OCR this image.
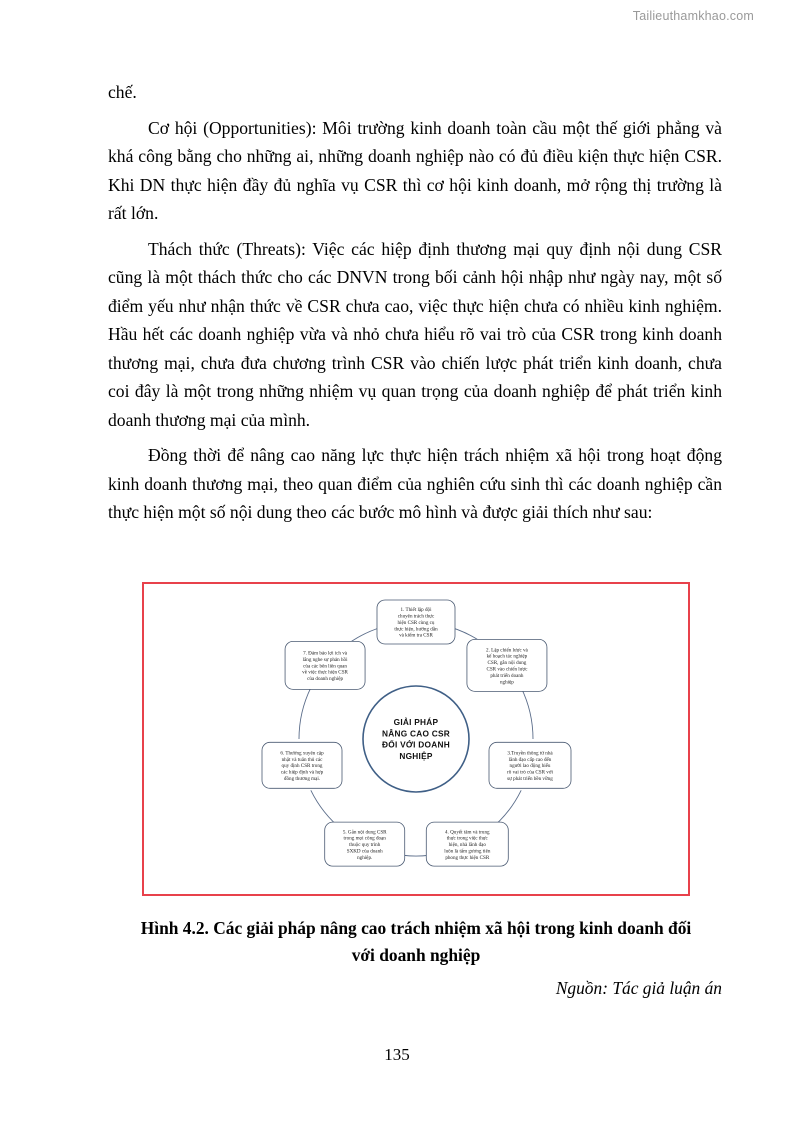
Tailieuthamkhao.com

chế.

Cơ hội (Opportunities): Môi trường kinh doanh toàn cầu một thế giới phẳng và khá công bằng cho những ai, những doanh nghiệp nào có đủ điều kiện thực hiện CSR. Khi DN thực hiện đầy đủ nghĩa vụ CSR thì cơ hội kinh doanh, mở rộng thị trường là rất lớn.

Thách thức (Threats): Việc các hiệp định thương mại quy định nội dung CSR cũng là một thách thức cho các DNVN trong bối cảnh hội nhập như ngày nay, một số điểm yếu như nhận thức về CSR chưa cao, việc thực hiện chưa có nhiều kinh nghiệm. Hầu hết các doanh nghiệp vừa và nhỏ chưa hiểu rõ vai trò của CSR trong kinh doanh thương mại, chưa đưa chương trình CSR vào chiến lược phát triển kinh doanh, chưa coi đây là một trong những nhiệm vụ quan trọng của doanh nghiệp để phát triển kinh doanh thương mại của mình.

Đồng thời để nâng cao năng lực thực hiện trách nhiệm xã hội trong hoạt động kinh doanh thương mại, theo quan điểm của nghiên cứu sinh thì các doanh nghiệp cần thực hiện một số nội dung theo các bước mô hình và được giải thích như sau:

GIẢI PHÁP
NÂNG CAO CSR
ĐỐI VỚI DOANH
NGHIỆP
1. Thiết lập đội
chuyên trách thực
hiện CSR cùng cụ
thực hiện, hướng dẫn
và kiểm tra CSR
2. Lập chiến lược và
kế hoạch tác nghiệp
CSR, gắn nội dung
CSR vào chiến lược
phát triển doanh
nghiệp
3.Truyền thông từ nhà
lãnh đạo cấp cao đến
người lao động hiểu
rõ vai trò của CSR với
sự phát triển bền vững
4. Quyết tâm và trung
thực trong việc thực
hiện, nhà lãnh đạo
luôn là tấm gương tiên
phong thực hiện CSR
5. Gắn nội dung CSR
trong mọi công đoạn
thuộc quy trình
SXKD của doanh
nghiệp.
6. Thường xuyên cập
nhật và tuân thủ các
quy định CSR trong
các hiệp định và hợp
đồng thương mại.
7. Đảm bảo lợi ích và
lắng nghe sự phản hồi
của các bên liên quan
về việc thực hiện CSR
của doanh nghiệp
Hình 4.2. Các giải pháp nâng cao trách nhiệm xã hội trong kinh doanh đối
với doanh nghiệp
Nguồn: Tác giả luận án
135
